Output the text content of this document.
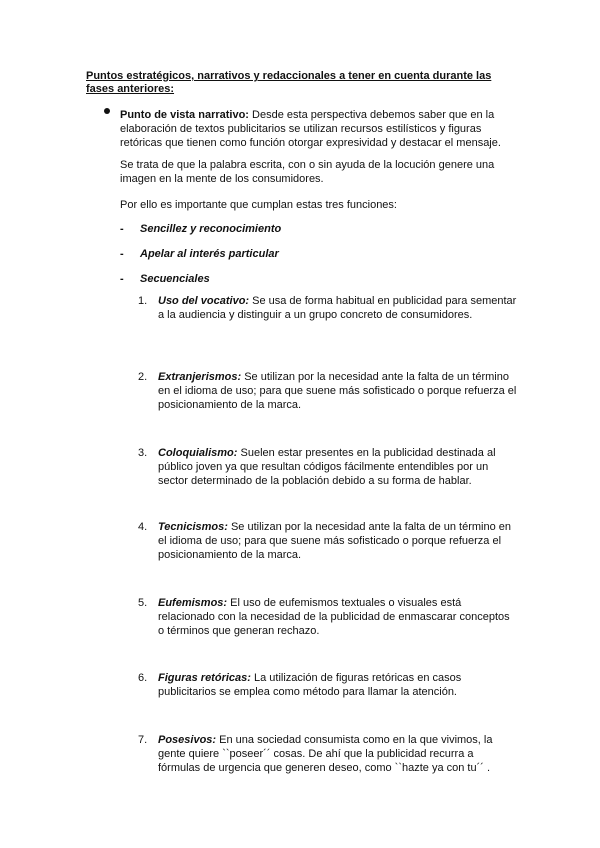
Puntos estratégicos, narrativos y redaccionales a tener en cuenta durante las fases anteriores:
Punto de vista narrativo: Desde esta perspectiva debemos saber que en la elaboración de textos publicitarios se utilizan recursos estilísticos y figuras retóricas que tienen como función otorgar expresividad y destacar el mensaje.
Se trata de que la palabra escrita, con o sin ayuda de la locución genere una imagen en la mente de los consumidores.
Por ello es importante que cumplan estas tres funciones:
- Sencillez y reconocimiento
- Apelar al interés particular
- Secuenciales
1. Uso del vocativo: Se usa de forma habitual en publicidad para sementar a la audiencia y distinguir a un grupo concreto de consumidores.
2. Extranjerismos: Se utilizan por la necesidad ante la falta de un término en el idioma de uso; para que suene más sofisticado o porque refuerza el posicionamiento de la marca.
3. Coloquialismo: Suelen estar presentes en la publicidad destinada al público joven ya que resultan códigos fácilmente entendibles por un sector determinado de la población debido a su forma de hablar.
4. Tecnicismos: Se utilizan por la necesidad ante la falta de un término en el idioma de uso; para que suene más sofisticado o porque refuerza el posicionamiento de la marca.
5. Eufemismos: El uso de eufemismos textuales o visuales está relacionado con la necesidad de la publicidad de enmascarar conceptos o términos que generan rechazo.
6. Figuras retóricas: La utilización de figuras retóricas en casos publicitarios se emplea como método para llamar la atención.
7. Posesivos: En una sociedad consumista como en la que vivimos, la gente quiere ``poseer´´ cosas. De ahí que la publicidad recurra a fórmulas de urgencia que generen deseo, como ``hazte ya con tu´´ .
